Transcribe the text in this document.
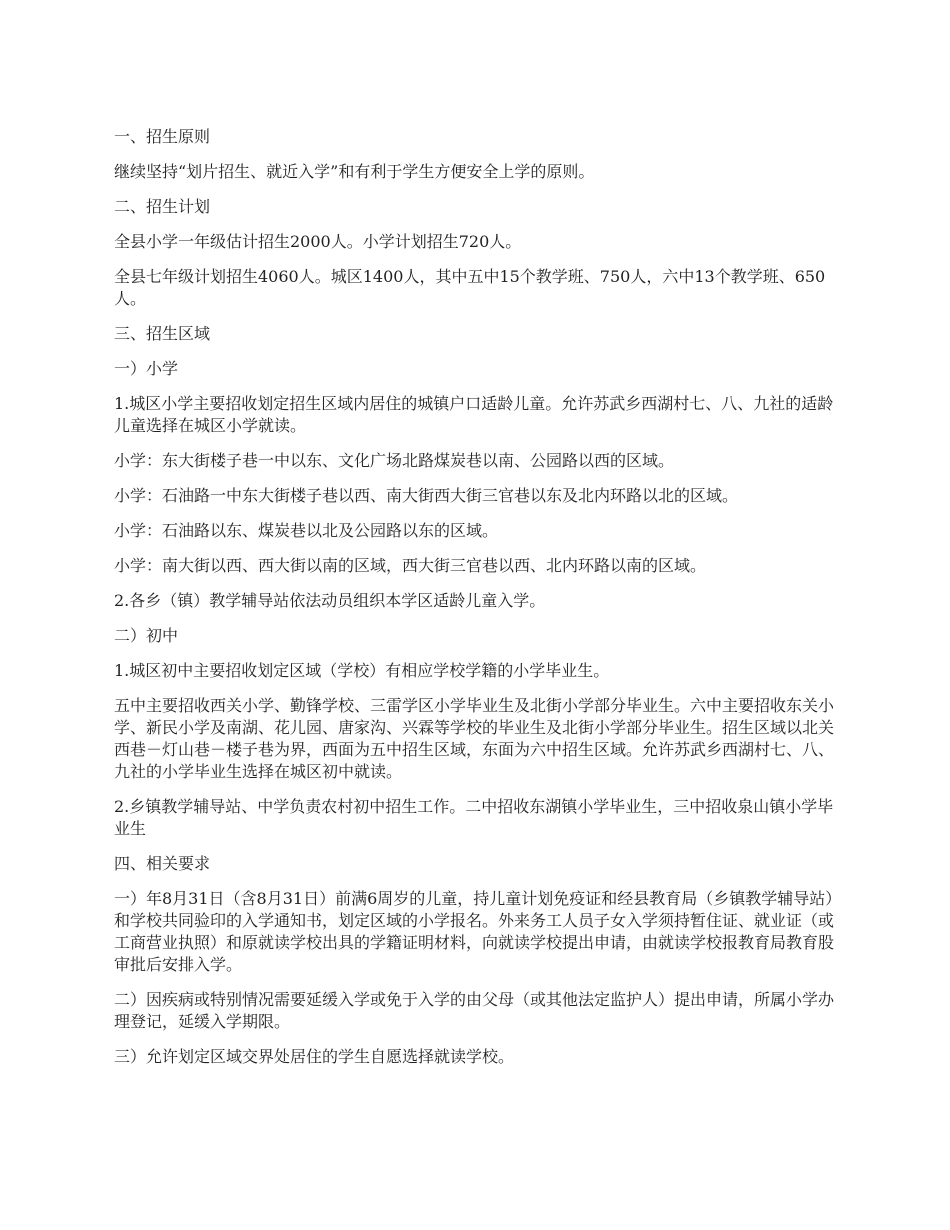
一、招生原则

继续坚持“划片招生、就近入学”和有利于学生方便安全上学的原则。

二、招生计划

全县小学一年级估计招生2000人。小学计划招生720人。

全县七年级计划招生4060人。城区1400人，其中五中15个教学班、750人，六中13个教学班、650人。

三、招生区域

一）小学

1.城区小学主要招收划定招生区域内居住的城镇户口适龄儿童。允许苏武乡西湖村七、八、九社的适龄儿童选择在城区小学就读。

小学：东大街楼子巷一中以东、文化广场北路煤炭巷以南、公园路以西的区域。

小学：石油路一中东大街楼子巷以西、南大街西大街三官巷以东及北内环路以北的区域。

小学：石油路以东、煤炭巷以北及公园路以东的区域。

小学：南大街以西、西大街以南的区域，西大街三官巷以西、北内环路以南的区域。

2.各乡（镇）教学辅导站依法动员组织本学区适龄儿童入学。

二）初中

1.城区初中主要招收划定区域（学校）有相应学校学籍的小学毕业生。

五中主要招收西关小学、勤锋学校、三雷学区小学毕业生及北街小学部分毕业生。六中主要招收东关小学、新民小学及南湖、花儿园、唐家沟、兴霖等学校的毕业生及北街小学部分毕业生。招生区域以北关西巷－灯山巷－楼子巷为界，西面为五中招生区域，东面为六中招生区域。允许苏武乡西湖村七、八、九社的小学毕业生选择在城区初中就读。

2.乡镇教学辅导站、中学负责农村初中招生工作。二中招收东湖镇小学毕业生，三中招收泉山镇小学毕业生

四、相关要求

一）年8月31日（含8月31日）前满6周岁的儿童，持儿童计划免疫证和经县教育局（乡镇教学辅导站）和学校共同验印的入学通知书，划定区域的小学报名。外来务工人员子女入学须持暂住证、就业证（或工商营业执照）和原就读学校出具的学籍证明材料，向就读学校提出申请，由就读学校报教育局教育股审批后安排入学。

二）因疾病或特别情况需要延缓入学或免于入学的由父母（或其他法定监护人）提出申请，所属小学办理登记，延缓入学期限。

三）允许划定区域交界处居住的学生自愿选择就读学校。
